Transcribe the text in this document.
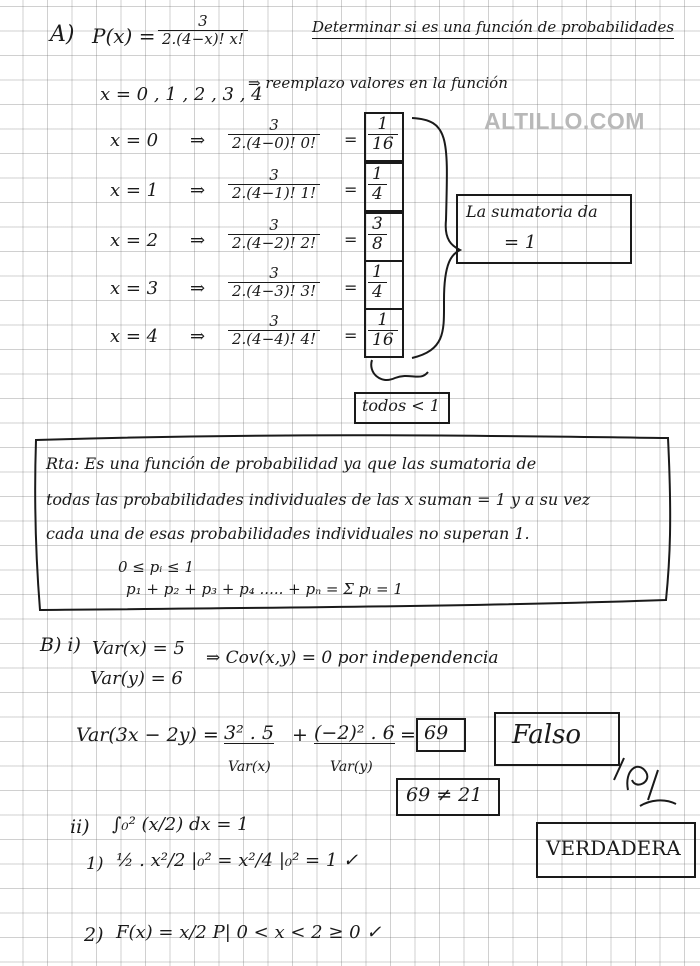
ALTILLO.COM
A) $P(x) = \frac{3}{2.(4-x)! x!}$	Determinar si es una función de probabilidades
x = 0 , 1 , 2 , 3 , 4
⇒ reemplazo valores en la función
x = 0 ⇒ $\frac{3}{2.(4-0)! 0!} = \frac{1}{16}$
x = 1 ⇒ $\frac{3}{2.(4-1)! 1!} = \frac{1}{4}$
x = 2 ⇒ $\frac{3}{2.(4-2)! 2!} = \frac{3}{8}$
x = 3 ⇒ $\frac{3}{2.(4-3)! 3!} = \frac{1}{4}$
x = 4 ⇒ $\frac{3}{2.(4-4)! 4!} = \frac{1}{16}$
La sumatoria da
= 1
todos < 1
Rta: Es una función de probabilidad ya que las sumatoria de
todas las probabilidades individuales de las x suman = 1 y a su vez
cada una de esas probabilidades individuales no superan 1.
0 ≤ pᵢ ≤ 1
p₁ + p₂ + p₃ + p₄ ..... + pₙ = Σ pᵢ = 1
B) i) Var(x) = 5
Var(y) = 6
⇒ Cov(x,y) = 0 por independencia
Var(3x − 2y) = 3² . 5
Var(x)
+ (−2)² . 6
Var(y)
= 69 Falso
69 ≠ 21
ii) ∫₀² (x/2) dx = 1
1) ½ . x²/2 |₀² = x²/4 |₀² = 1 ✓
VERDADERA
2) F(x) = x/2 P| 0 < x < 2 ≥ 0 ✓
